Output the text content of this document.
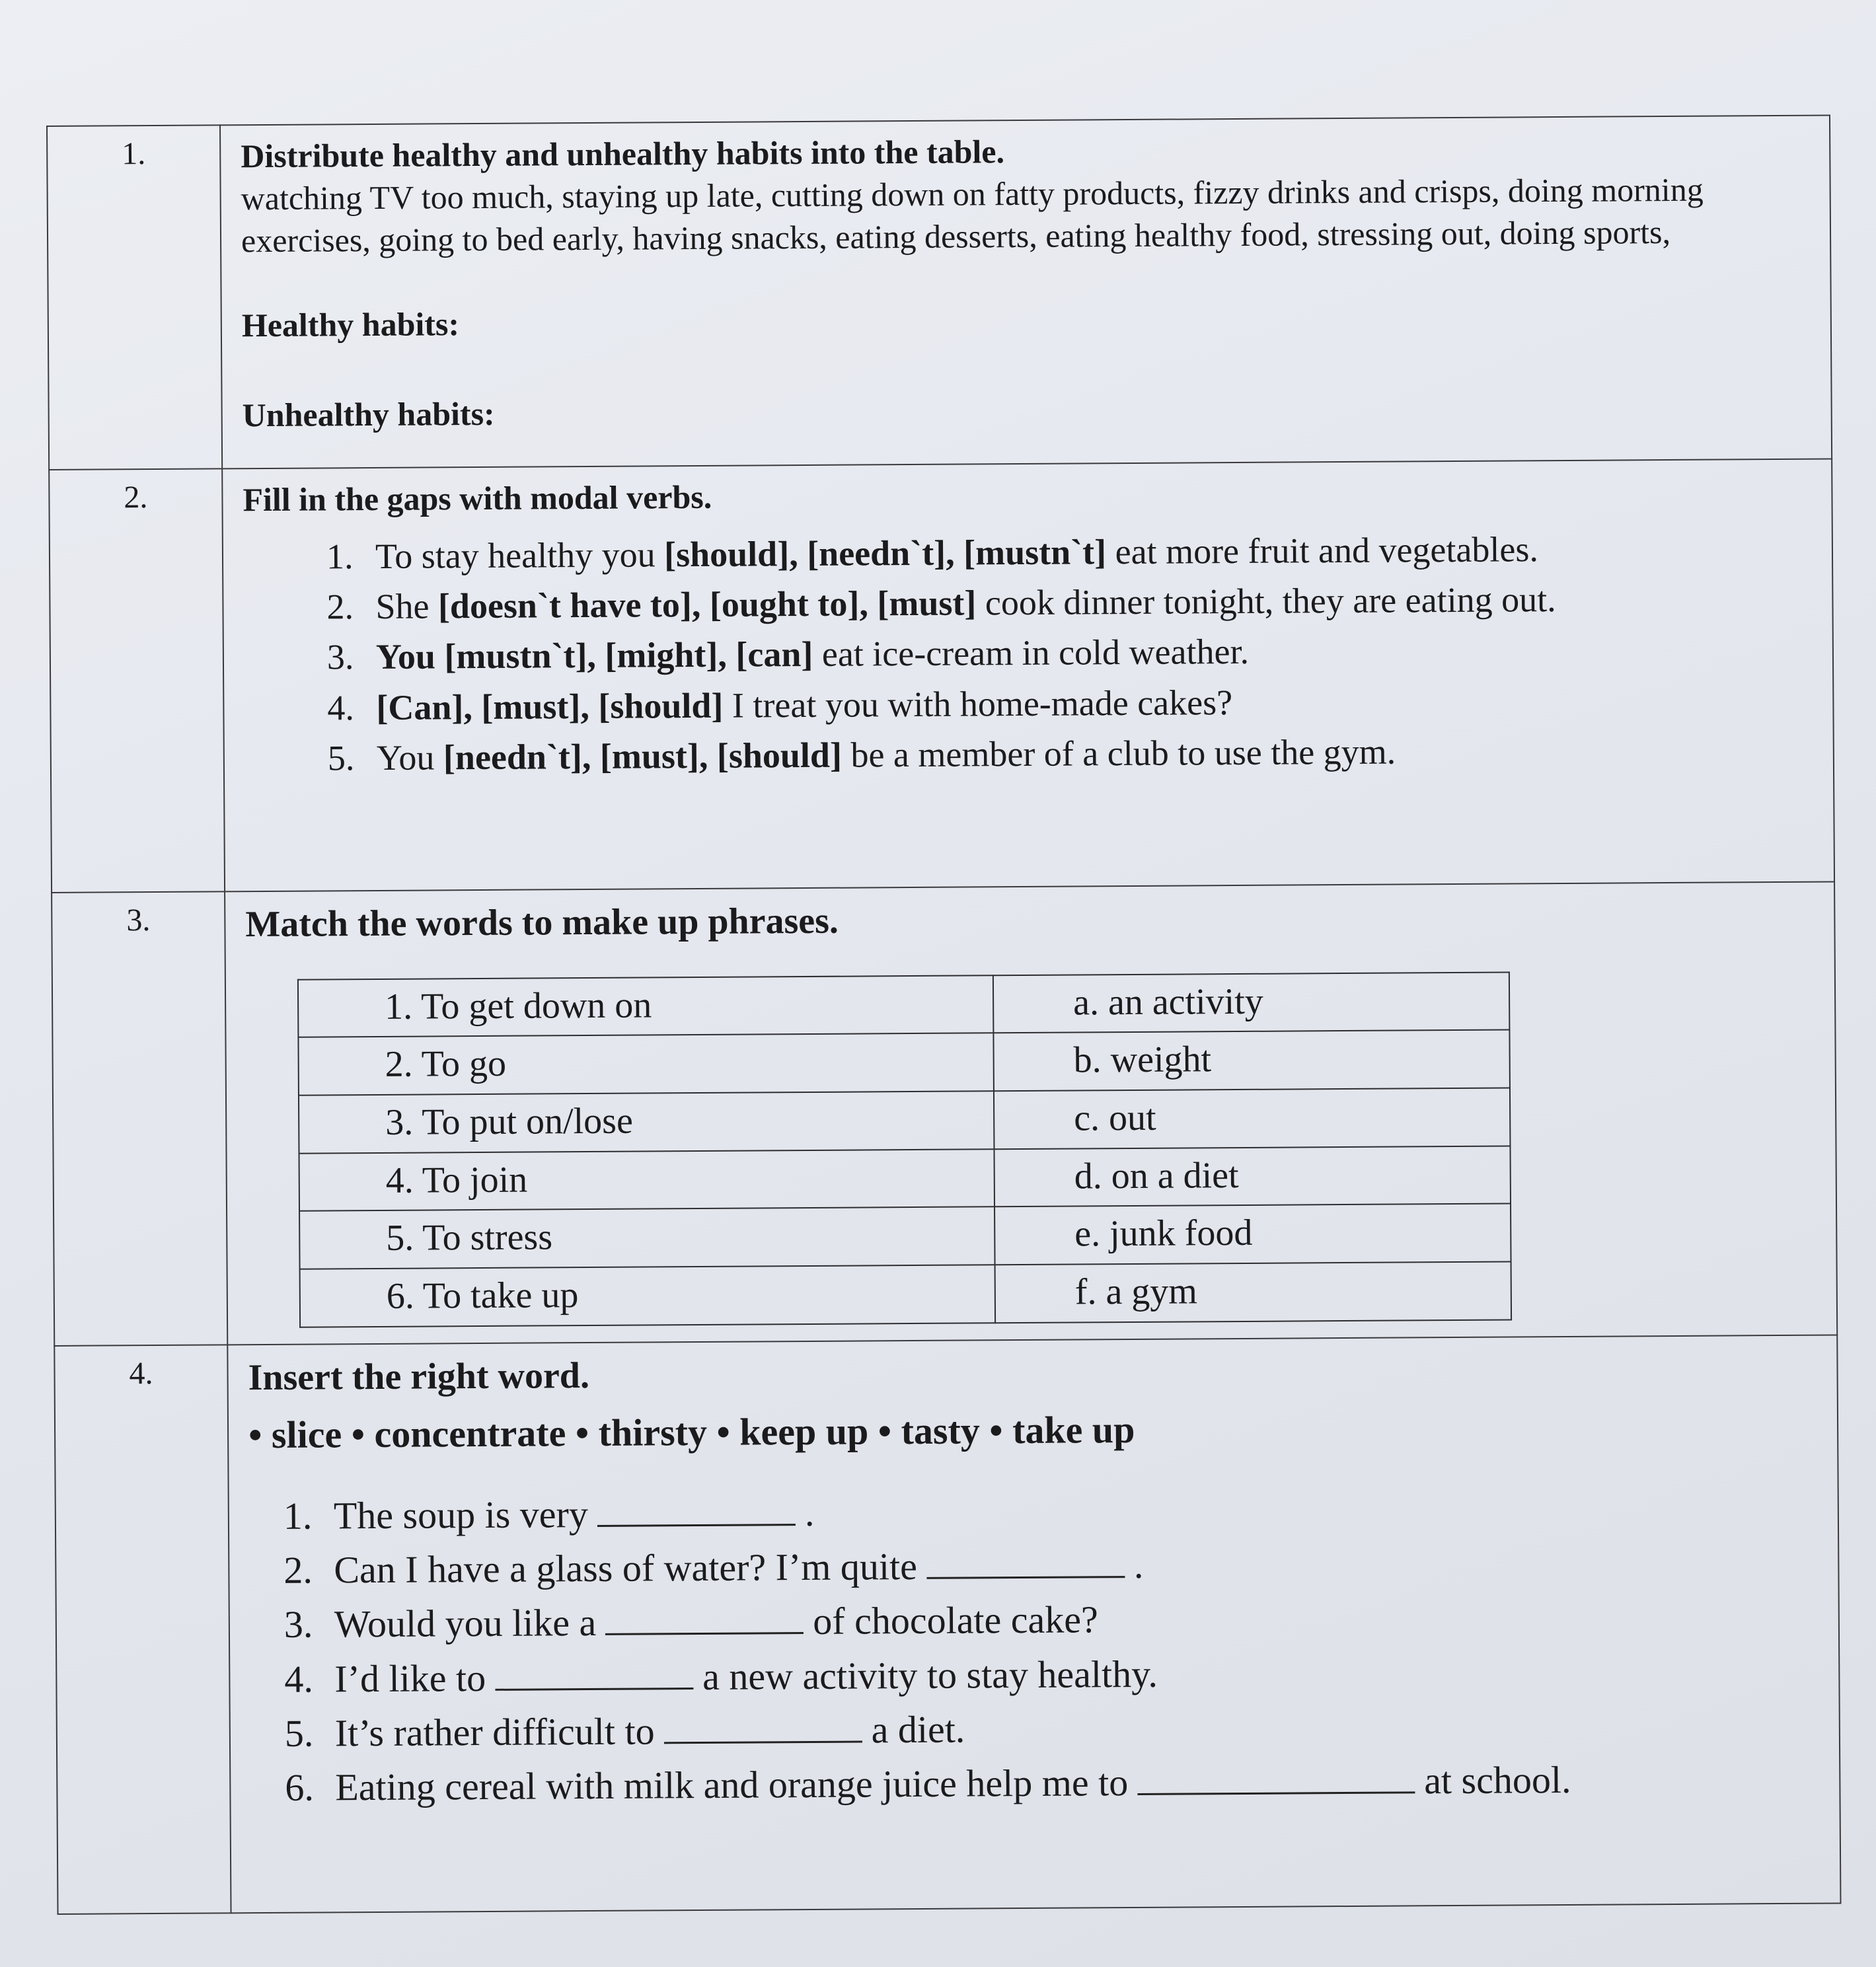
1.	Distribute healthy and unhealthy habits into the table.
watching TV too much, staying up late, cutting down on fatty products, fizzy drinks and crisps, doing morning exercises, going to bed early, having snacks, eating desserts, eating healthy food, stressing out, doing sports,
Healthy habits:
Unhealthy habits:

2.	Fill in the gaps with modal verbs.
1. To stay healthy you [should], [needn`t], [mustn`t] eat more fruit and vegetables.
2. She [doesn`t have to], [ought to], [must] cook dinner tonight, they are eating out.
3. You [mustn`t], [might], [can] eat ice-cream in cold weather.
4. [Can], [must], [should] I treat you with home-made cakes?
5. You [needn`t], [must], [should] be a member of a club to use the gym.

3.	Match the words to make up phrases.
1. To get down on	a. an activity
2. To go	b. weight
3. To put on/lose	c. out
4. To join	d. on a diet
5. To stress	e. junk food
6. To take up	f. a gym

4.	Insert the right word.
• slice • concentrate • thirsty • keep up • tasty • take up
1. The soup is very	.
2. Can I have a glass of water? I’m quite	.
3. Would you like a	of chocolate cake?
4. I’d like to	a new activity to stay healthy.
5. It’s rather difficult to	a diet.
6. Eating cereal with milk and orange juice help me to	at school.
